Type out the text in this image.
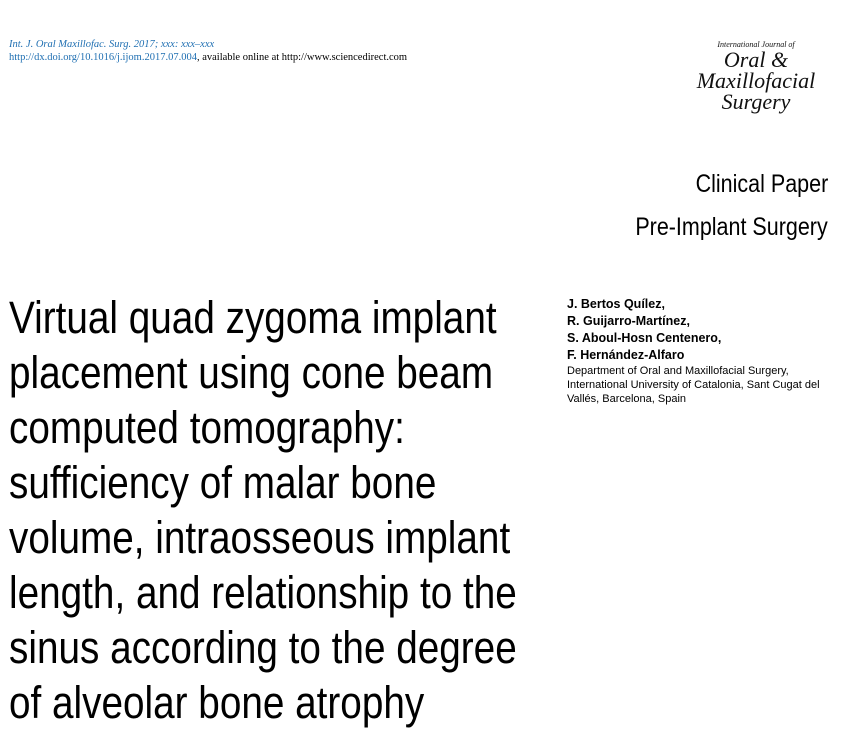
Int. J. Oral Maxillofac. Surg. 2017; xxx: xxx–xxx
http://dx.doi.org/10.1016/j.ijom.2017.07.004, available online at http://www.sciencedirect.com
International Journal of
Oral &
Maxillofacial
Surgery
Clinical Paper
Pre-Implant Surgery
Virtual quad zygoma implant placement using cone beam computed tomography: sufficiency of malar bone volume, intraosseous implant length, and relationship to the sinus according to the degree of alveolar bone atrophy
J. Bertos Quílez,
R. Guijarro-Martínez,
S. Aboul-Hosn Centenero,
F. Hernández-Alfaro
Department of Oral and Maxillofacial Surgery, International University of Catalonia, Sant Cugat del Vallés, Barcelona, Spain
